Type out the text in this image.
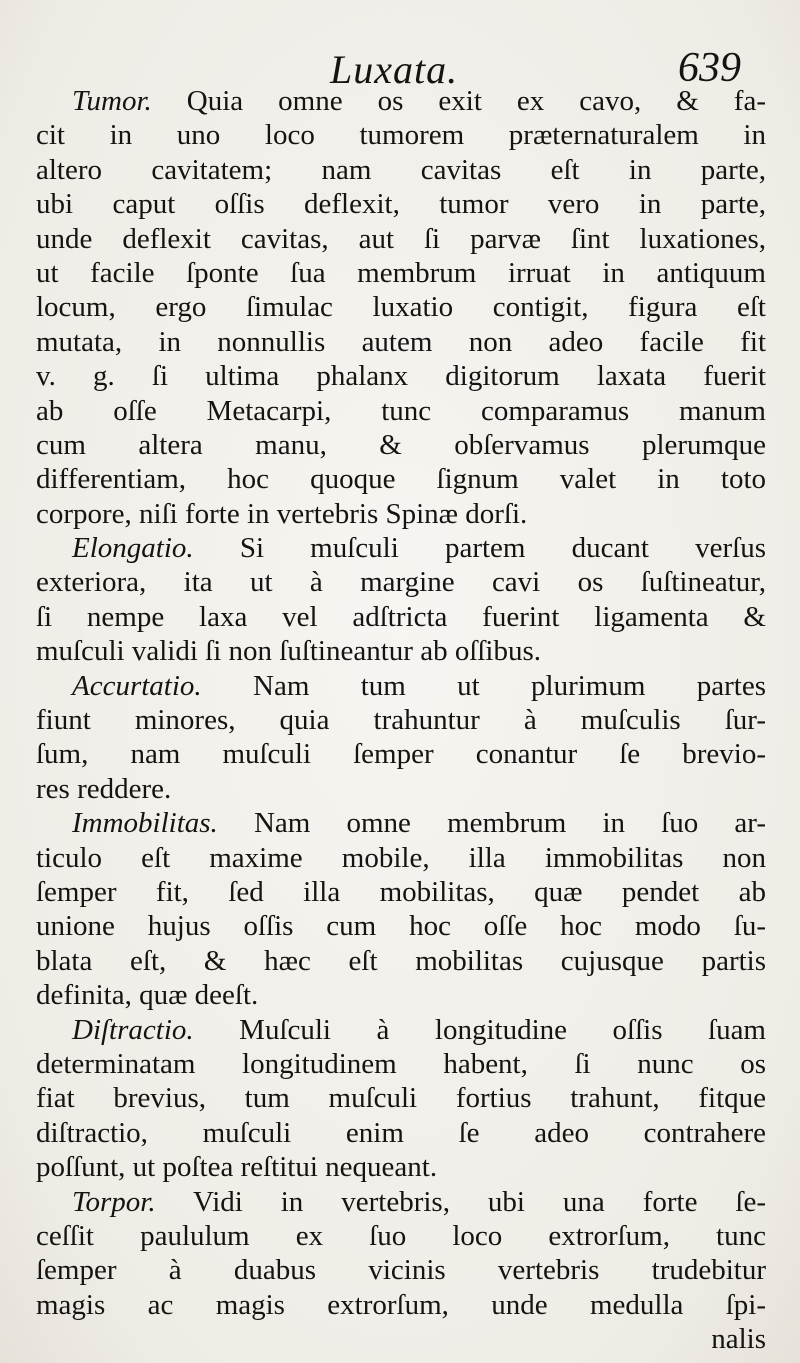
Luxata.	639
Tumor. Quia omne os exit ex cavo, & fa-
cit in uno loco tumorem præternaturalem in
altero cavitatem; nam cavitas eſt in parte,
ubi caput oſſis deflexit, tumor vero in parte,
unde deflexit cavitas, aut ſi parvæ ſint luxationes,
ut facile ſponte ſua membrum irruat in antiquum
locum, ergo ſimulac luxatio contigit, figura eſt
mutata, in nonnullis autem non adeo facile fit
v. g. ſi ultima phalanx digitorum laxata fuerit
ab oſſe Metacarpi, tunc comparamus manum
cum altera manu, & obſervamus plerumque
differentiam, hoc quoque ſignum valet in toto
corpore, niſi forte in vertebris Spinæ dorſi.
Elongatio. Si muſculi partem ducant verſus
exteriora, ita ut à margine cavi os ſuſtineatur,
ſi nempe laxa vel adſtricta fuerint ligamenta &
muſculi validi ſi non ſuſtineantur ab oſſibus.
Accurtatio. Nam tum ut plurimum partes
fiunt minores, quia trahuntur à muſculis ſur-
ſum, nam muſculi ſemper conantur ſe brevio-
res reddere.
Immobilitas. Nam omne membrum in ſuo ar-
ticulo eſt maxime mobile, illa immobilitas non
ſemper fit, ſed illa mobilitas, quæ pendet ab
unione hujus oſſis cum hoc oſſe hoc modo ſu-
blata eſt, & hæc eſt mobilitas cujusque partis
definita, quæ deeſt.
Diſtractio. Muſculi à longitudine oſſis ſuam
determinatam longitudinem habent, ſi nunc os
fiat brevius, tum muſculi fortius trahunt, fitque
diſtractio, muſculi enim ſe adeo contrahere
poſſunt, ut poſtea reſtitui nequeant.
Torpor. Vidi in vertebris, ubi una forte ſe-
ceſſit paululum ex ſuo loco extrorſum, tunc
ſemper à duabus vicinis vertebris trudebitur
magis ac magis extrorſum, unde medulla ſpi-
nalis
